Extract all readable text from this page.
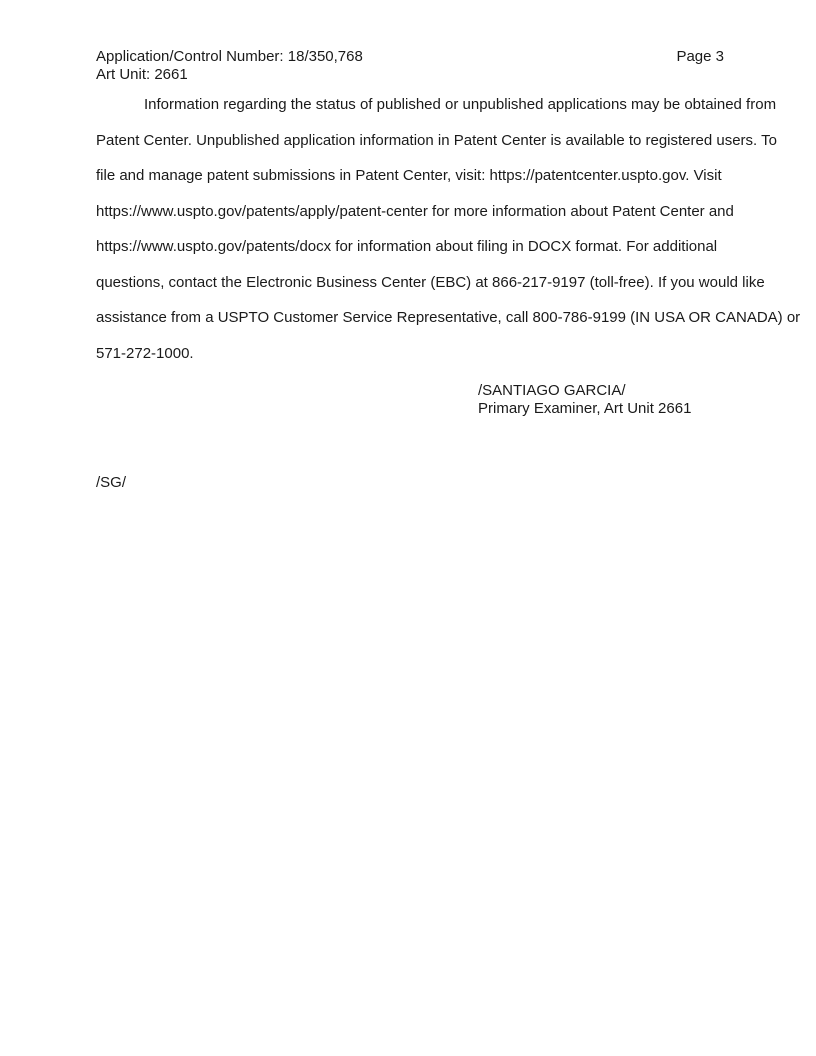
Application/Control Number: 18/350,768
Art Unit: 2661
Page 3
Information regarding the status of published or unpublished applications may be obtained from
Patent Center. Unpublished application information in Patent Center is available to registered users. To
file and manage patent submissions in Patent Center, visit: https://patentcenter.uspto.gov. Visit
https://www.uspto.gov/patents/apply/patent-center for more information about Patent Center and
https://www.uspto.gov/patents/docx for information about filing in DOCX format. For additional
questions, contact the Electronic Business Center (EBC) at 866-217-9197 (toll-free). If you would like
assistance from a USPTO Customer Service Representative, call 800-786-9199 (IN USA OR CANADA) or
571-272-1000.
/SANTIAGO GARCIA/
Primary Examiner, Art Unit 2661
/SG/
